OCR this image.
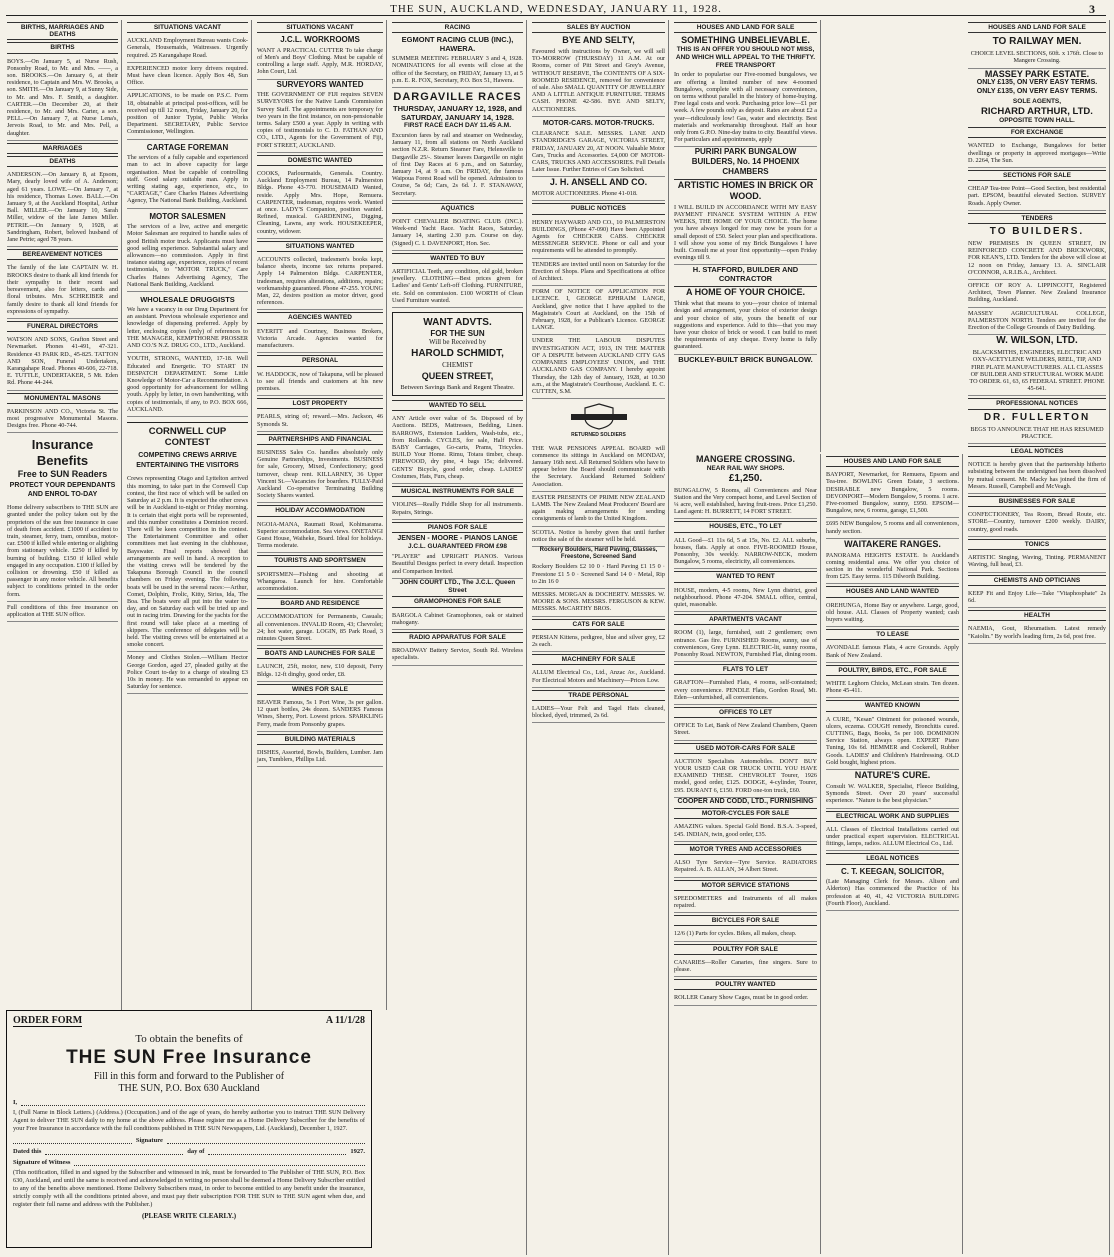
THE SUN, AUCKLAND, WEDNESDAY, JANUARY 11, 1928.	3
BIRTHS, MARRIAGES AND DEATHS
BIRTHS
BOYS.—On January 5, at Nurse Rush, Ponsonby Road, to Mr. and Mrs. ——, a son. BROOKS.—On January 6, at their residence, to Captain and Mrs. W. Brooks, a son. SMITH.—On January 9, at Sunny Side, to Mr. and Mrs. F. Smith, a daughter. CARTER.—On December 20, at their residence, to Mr. and Mrs. Carter, a son. PELL.—On January 7, at Nurse Lena's, Jervois Road, to Mr. and Mrs. Pell, a daughter.
MARRIAGES
DEATHS
ANDERSON.—On January 8, at Epsom, Mary, dearly loved wife of A. Anderson; aged 61 years. LOWE.—On January 7, at his residence, Thomas Lowe. BALL.—On January 9, at the Auckland Hospital, Arthur Ball. MILLER.—On January 10, Sarah Miller, widow of the late James Miller. PETRIE.—On January 9, 1928, at Sandringham, Robert, beloved husband of Jane Petrie; aged 78 years.
BEREAVEMENT NOTICES
The family of the late CAPTAIN W. H. BROOKS desire to thank all kind friends for their sympathy in their recent sad bereavement, also for letters, cards and floral tributes. Mrs. SCHREIBER and family desire to thank all kind friends for expressions of sympathy.
FUNERAL DIRECTORS
WATSON AND SONS, Grafton Street and Newmarket. Phones 41-491, 47-321. Residence 43 PARK RD., 45-825. TATTON AND SON, Funeral Undertakers, Karangahape Road. Phones 40-606, 22-718. E. TUTTLE, UNDERTAKER, 5 Mt. Eden Rd. Phone 44-244.
MONUMENTAL MASONS
PARKINSON AND CO., Victoria St. The most progressive Monumental Masons. Designs free. Phone 40-744.
Insurance Benefits
Free to SUN Readers
PROTECT YOUR DEPENDANTS AND ENROL TO-DAY
Home delivery subscribers to THE SUN are granted under the policy taken out by the proprietors of the sun free insurance in case of death from accident. £1000 if accident to train, steamer, ferry, tram, omnibus, motor-car. £500 if killed while entering or alighting from stationary vehicle. £250 if killed by burning of building. £150 if killed while engaged in any occupation. £100 if killed by collision or drowning. £50 if killed as passenger in any motor vehicle. All benefits subject to conditions printed in the order form.
Full conditions of this free insurance on application at THE SUN office.
SITUATIONS VACANT
AUCKLAND Employment Bureau wants Cook-Generals, Housemaids, Waitresses. Urgently required. 25 Karangahape Road.
EXPERIENCED motor lorry drivers required. Must have clean licence. Apply Box 48, Sun Office.
APPLICATIONS, to be made on P.S.C. Form 18, obtainable at principal post-offices, will be received up till 12 noon, Friday, January 20, for position of Junior Typist, Public Works Department. SECRETARY, Public Service Commissioner, Wellington.
CARTAGE FOREMAN
The services of a fully capable and experienced man to act in above capacity for large organisation. Must be capable of controlling staff. Good salary suitable man. Apply in writing stating age, experience, etc., to "CARTAGE," Care Charles Haines Advertising Agency, The National Bank Building, Auckland.
MOTOR SALESMEN
The services of a live, active and energetic Motor Salesman are required to handle sales of good British motor truck. Applicants must have good selling experience. Substantial salary and allowances—no commission. Apply in first instance stating age, experience, copies of recent testimonials, to "MOTOR TRUCK," Care Charles Haines Advertising Agency, The National Bank Building, Auckland.
WHOLESALE DRUGGISTS
We have a vacancy in our Drug Department for an assistant. Previous wholesale experience and knowledge of dispensing preferred. Apply by letter, enclosing copies (only) of references to THE MANAGER, KEMPTHORNE PROSSER AND CO.'S N.Z. DRUG CO., LTD., Auckland.
YOUTH, STRONG, WANTED, 17-18. Well Educated and Energetic. TO START IN DESPATCH DEPARTMENT. Some Little Knowledge of Motor-Car a Recommendation. A good opportunity for advancement for willing youth. Apply by letter, in own handwriting, with copies of testimonials, if any, to P.O. BOX 666, AUCKLAND.
CORNWELL CUP CONTEST
COMPETING CREWS ARRIVE
ENTERTAINING THE VISITORS
Crews representing Otago and Lyttelton arrived this morning, to take part in the Cornwell Cup contest, the first race of which will be sailed on Saturday at 2 p.m. It is expected the other crews will be in Auckland to-night or Friday morning. It is certain that eight ports will be represented, and this number constitutes a Dominion record. There will be keen competition in the contest. The Entertainment Committee and other committees met last evening in the clubhouse, Bayswater. Final reports showed that arrangements are well in hand. A reception to the visiting crews will be tendered by the Takapuna Borough Council in the council chambers on Friday evening. The following boats will be used in the several races:—Arthur, Comet, Dolphin, Frolic, Kitty, Sirius, Ida, The Boa. The boats were all put into the water to-day, and on Saturday each will be tried up and out in racing trim. Drawing for the yachts for the first round will take place at a meeting of skippers. The conference of delegates will be held. The visiting crews will be entertained at a smoke concert.
Money and Clothes Stolen.—William Hector George Gordon, aged 27, pleaded guilty at the Police Court to-day to a charge of stealing £3 10s in money. He was remanded to appear on Saturday for sentence.
SITUATIONS VACANT
J.C.L. WORKROOMS
WANT A PRACTICAL CUTTER To take charge of Men's and Boys' Clothing. Must be capable of controlling a large staff. Apply, M.R. HORDAY, John Court, Ltd.
SURVEYORS WANTED
THE GOVERNMENT OF FIJI requires SEVEN SURVEYORS for the Native Lands Commission Survey Staff. The appointments are temporary for two years in the first instance, on non-pensionable terms. Salary £500 a year. Apply in writing with copies of testimonials to C. D. FATHAN AND CO., LTD., Agents for the Government of Fiji, FORT STREET, AUCKLAND.
DOMESTIC WANTED
COOKS, Parlourmaids, Generals. Country. Auckland Employment Bureau, 14 Palmerston Bldgs. Phone 43-770. HOUSEMAID Wanted, reside. Apply Mrs. Hope, Remuera. CARPENTER, tradesman, requires work. Wanted at once. LADY'S Companion, position wanted. Refined, musical. GARDENING, Digging, Cleaning, Lawns, any work. HOUSEKEEPER, country, widower.
SITUATIONS WANTED
ACCOUNTS collected, tradesmen's books kept, balance sheets, income tax returns prepared. Apply 14 Palmerston Bldgs. CARPENTER, tradesman, requires alterations, additions, repairs; workmanship guaranteed. Phone 47-255. YOUNG Man, 22, desires position as motor driver, good references.
AGENCIES WANTED
EVERITT and Courtney, Business Brokers, Victoria Arcade. Agencies wanted for manufacturers.
PERSONAL
W. HADDOCK, now of Takapuna, will be pleased to see all friends and customers at his new premises.
LOST PROPERTY
PEARLS, string of; reward.—Mrs. Jackson, 46 Symonds St.
PARTNERSHIPS AND FINANCIAL
BUSINESS Sales Co. handles absolutely only Genuine Partnerships, Investments. BUSINESS for sale, Grocery, Mixed, Confectionery; good turnover, cheap rent. KILLARNEY, 36 Upper Vincent St.—Vacancies for boarders. FULLY-Paid Auckland Co-operative Terminating Building Society Shares wanted.
HOLIDAY ACCOMMODATION
NGOIA-MANA, Raumati Road, Kohimarama. Superior accommodation. Sea views. ONETANGI Guest House, Waiheke, Board. Ideal for holidays. Terms moderate.
TOURISTS AND SPORTSMEN
SPORTSMEN—Fishing and shooting at Whangaroa. Launch for hire. Comfortable accommodation.
BOARD AND RESIDENCE
ACCOMMODATION for Permanents, Casuals; all conveniences. INVALID Room, 43; Chevrolet; 24; hot water, garage. LOGIN, 85 Park Road, 3 minutes Queen Street.
BOATS AND LAUNCHES FOR SALE
LAUNCH, 25ft, motor, new, £10 deposit, Ferry Bldgs. 12-ft dinghy, good order, £8.
WINES FOR SALE
BEAVER Famous, 5s 1 Port Wine, 3s per gallon. 12 quart bottles, 24s dozen. SANDERS Famous Wines, Sherry, Port. Lowest prices. SPARKLING Ferry, made from Ponsonby grapes.
BUILDING MATERIALS
DISHES, Assorted, Bowls, Builders, Lumber. Jam jars, Tumblers, Phillips Ltd.
RACING
EGMONT RACING CLUB (INC.), HAWERA.
SUMMER MEETING FEBRUARY 3 and 4, 1928. NOMINATIONS for all events will close at the office of the Secretary, on FRIDAY, January 13, at 5 p.m. E. R. FOX, Secretary, P.O. Box 51, Hawera.
DARGAVILLE RACES
THURSDAY, JANUARY 12, 1928, and SATURDAY, JANUARY 14, 1928.
FIRST RACE EACH DAY 11.45 A.M.
Excursion fares by rail and steamer on Wednesday, January 11, from all stations on North Auckland section N.Z.R. Return Steamer Fare, Helensville to Dargaville 25/-. Steamer leaves Dargaville on night of first Day Races at 6 p.m., and on Saturday, January 14, at 9 a.m. On FRIDAY, the famous Waipoua Forest Road will be opened. Admission to Course, 5s 6d; Cars, 2s 6d. J. F. STANAWAY, Secretary.
AQUATICS
POINT CHEVALIER BOATING CLUB (INC.). Week-end Yacht Race. Yacht Races, Saturday, January 14, starting 2.30 p.m. Course on day. (Signed) C. I. DAVENPORT, Hon. Sec.
WANTED TO BUY
ARTIFICIAL Teeth, any condition, old gold, broken jewellery. CLOTHING—Best prices given for Ladies' and Gents' Left-off Clothing. FURNITURE, etc. Sold on commission. £100 WORTH of Clean Used Furniture wanted.
WANT ADVTS.
FOR THE SUN
Will be Received by
HAROLD SCHMIDT,
CHEMIST
QUEEN STREET,
Between Savings Bank and Regent Theatre.
WANTED TO SELL
ANY Article over value of 5s. Disposed of by Auctions. BEDS, Mattresses, Bedding, Linen. BARROWS, Extension Ladders, Wash-tubs, etc., from Rollands. CYCLES, for sale, Half Price. BABY Carriages, Go-carts, Prams, Tricycles. BUILD Your Home. Rimu, Totara timber, cheap. FIREWOOD, dry pine, 4 bags 15s; delivered. GENTS' Bicycle, good order, cheap. LADIES' Costumes, Hats, Furs, cheap.
MUSICAL INSTRUMENTS FOR SALE
VIOLINS—Really Fiddle Shop for all instruments. Repairs, Strings.
PIANOS FOR SALE
JENSEN - MOORE - PIANOS LANGE
J.C.L. GUARANTEED FROM £98
"PLAYER" and UPRIGHT PIANOS. Various Beautiful Designs perfect in every detail. Inspection and Comparison Invited.
JOHN COURT LTD., The J.C.L. Queen Street
GRAMOPHONES FOR SALE
BARGOLA Cabinet Gramophones, oak or stained mahogany.
RADIO APPARATUS FOR SALE
BROADWAY Battery Service, South Rd. Wireless specialists.
SALES BY AUCTION
BYE AND SELTY,
Favoured with instructions by Owner, we will sell TO-MORROW (THURSDAY) 11 A.M. At our Rooms, corner of Pitt Street and Grey's Avenue, WITHOUT RESERVE, The CONTENTS OF A SIX-ROOMED RESIDENCE, removed for convenience of sale. Also SMALL QUANTITY OF JEWELLERY AND A LITTLE ANTIQUE FURNITURE. TERMS CASH. PHONE 42-586. BYE AND SELTY, AUCTIONEERS.
MOTOR-CARS. MOTOR-TRUCKS.
CLEARANCE SALE. MESSRS. LANE AND STANDRIDGE'S GARAGE, VICTORIA STREET, FRIDAY, JANUARY 20, AT NOON. Valuable Motor Cars, Trucks and Accessories. £4,000 OF MOTOR-CARS, TRUCKS AND ACCESSORIES. Full Details Later Issue. Further Entries of Cars Solicited.
J. H. ANSELL AND CO.
MOTOR AUCTIONEERS. Phone 41-018.
PUBLIC NOTICES
HENRY HAYWARD AND CO., 10 PALMERSTON BUILDINGS, (Phone 47-090) Have been Appointed Agents for CHECKER CABS. CHECKER MESSENGER SERVICE. Phone or call and your requirements will be attended to promptly.
TENDERS are invited until noon on Saturday for the Erection of Shops. Plans and Specifications at office of Architect.
FORM OF NOTICE OF APPLICATION FOR LICENCE. I, GEORGE EPHRAIM LANGE, Auckland, give notice that I have applied to the Magistrate's Court at Auckland, on the 15th of February, 1928, for a Publican's Licence. GEORGE LANGE.
UNDER THE LABOUR DISPUTES INVESTIGATION ACT, 1913, IN THE MATTER OF A DISPUTE between AUCKLAND CITY GAS COMPANIES EMPLOYEES' UNION, and THE AUCKLAND GAS COMPANY. I hereby appoint Thursday, the 12th day of January, 1928, at 10.30 a.m., at the Magistrate's Courthouse, Auckland. E. C. CUTTEN, S.M.
RETURNED SOLDIERS
THE WAR PENSIONS APPEAL BOARD will commence its sittings in Auckland on MONDAY, January 16th next. All Returned Soldiers who have to appear before the Board should communicate with the Secretary. Auckland Returned Soldiers' Association.
EASTER PRESENTS OF PRIME NEW ZEALAND LAMB. The New Zealand Meat Producers' Board are again making arrangements for sending consignments of lamb to the United Kingdom.
SCOTIA. Notice is hereby given that until further notice the sale of the steamer will be held.
Rockery Boulders, Hard Paving, Glasses, Freestone, Screened Sand
Rockery Boulders £2 10 0 · Hard Paving £1 15 0 · Freestone £1 5 0 · Screened Sand 14 0 · Metal, Rip to 2in 16 0
MESSRS. MORGAN & DOCHERTY. MESSRS. W. MOORE & SONS. MESSRS. FERGUSON & KEW. MESSRS. McCARTHY BROS.
CATS FOR SALE
PERSIAN Kittens, pedigree, blue and silver grey, £2 2s each.
MACHINERY FOR SALE
ALLUM Electrical Co., Ltd., Anzac Av., Auckland. For Electrical Motors and Machinery—Prices Low.
TRADE PERSONAL
LADIES—Your Felt and Tagel Hats cleaned, blocked, dyed, trimmed, 2s 6d.
HOUSES AND LAND FOR SALE
SOMETHING UNBELIEVABLE.
THIS IS AN OFFER YOU SHOULD NOT MISS, AND WHICH WILL APPEAL TO THE THRIFTY. FREE TRANSPORT
In order to popularise our Five-roomed bungalows, we are offering a limited number of new 4-roomed Bungalows, complete with all necessary conveniences, on terms without parallel in the history of home-buying. Free legal costs and work. Purchasing price low—£1 per week. A few pounds only as deposit. Rates are about £2 a year—ridiculously low! Gas, water and electricity. Best materials and workmanship throughout. Half an hour only from G.P.O. Nine-day trains to city. Beautiful views. For particulars and appointments, apply
PURIRI PARK BUNGALOW BUILDERS, No. 14 PHOENIX CHAMBERS
ARTISTIC HOMES IN BRICK OR WOOD.
I WILL BUILD IN ACCORDANCE WITH MY EASY PAYMENT FINANCE SYSTEM WITHIN A FEW WEEKS, THE HOME OF YOUR CHOICE. The home you have always longed for may now be yours for a small deposit of £50. Select your plan and specifications. I will show you some of my Brick Bungalows I have built. Consult me at your first opportunity—open Friday evenings till 9.
H. STAFFORD, BUILDER AND CONTRACTOR
A HOME OF YOUR CHOICE.
Think what that means to you—your choice of internal design and arrangement, your choice of exterior design and your choice of site, yours the benefit of our suggestions and experience. Add to this—that you may have your choice of brick or wood. I can build to meet the requirements of any cheque. Every home is fully guaranteed.
BUCKLEY-BUILT BRICK BUNGALOW.
MANGERE CROSSING.
NEAR RAIL WAY SHOPS.
£1,250.
BUNGALOW, 5 Rooms, all Conveniences and Near Station and the Very compact home, and Level Section of ¼ acre, well established, having fruit-trees. Price £1,250. Land agent: H. BURRETT, 14 FORT STREET.
HOUSES, ETC., TO LET
ALL Good—£1 11s 6d, 5 at 15s, No. £2. ALL suburbs, houses, flats. Apply at once. FIVE-ROOMED House, Ponsonby, 30s weekly. NARROW-NECK, modern Bungalow, 5 rooms, electricity, all conveniences.
WANTED TO RENT
HOUSE, modern, 4-5 rooms, New Lynn district, good neighbourhood. Phone 47-204. SMALL office, central, quiet, reasonable.
APARTMENTS VACANT
ROOM (1), large, furnished, suit 2 gentlemen; own entrance. Gas fire. FURNISHED Rooms, sunny, use of conveniences, Grey Lynn. ELECTRIC-lit, sunny rooms, Ponsonby Road. NEWTON, Furnished Flat, dining room.
FLATS TO LET
GRAFTON—Furnished Flats, 4 rooms, self-contained; every convenience. PENDLE Flats, Gordon Road, Mt. Eden—unfurnished, all conveniences.
OFFICES TO LET
OFFICE To Let, Bank of New Zealand Chambers, Queen Street.
USED MOTOR-CARS FOR SALE
AUCTION Specialists Automobiles. DON'T BUY YOUR USED CAR OR TRUCK UNTIL YOU HAVE EXAMINED THESE. CHEVROLET Tourer, 1926 model, good order, £125. DODGE, 4-cylinder, Tourer, £95. DURANT 6, £150. FORD one-ton truck, £60.
COOPER AND CODD, LTD., FURNISHING
MOTOR-CYCLES FOR SALE
AMAZING values. Special Gold Bond. B.S.A. 3-speed, £45. INDIAN, twin, good order, £35.
MOTOR TYRES AND ACCESSORIES
ALSO Tyre Service—Tyre Service. RADIATORS Repaired. A. B. ALLAN, 34 Albert Street.
MOTOR SERVICE STATIONS
SPEEDOMETERS and Instruments of all makes repaired.
BICYCLES FOR SALE
12/6 (1) Parts for cycles. Bikes, all makes, cheap.
POULTRY FOR SALE
CANARIES—Roller Canaries, fine singers. Sure to please.
POULTRY WANTED
ROLLER Canary Show Cages, must be in good order.
HOUSES AND LAND FOR SALE
BAYPORT, Newmarket, for Remuera, Epsom and Tea-tree. BOWLING Green Estate, 3 sections. DESIRABLE new Bungalow, 5 rooms. DEVONPORT—Modern Bungalow, 5 rooms. 1 acre. Five-roomed Bungalow, sunny, £950. EPSOM—Bungalow, new, 6 rooms, garage, £1,500.
£695 NEW Bungalow, 5 rooms and all conveniences, handy section.
WAITAKERE RANGES.
PANORAMA HEIGHTS ESTATE. Is Auckland's coming residential area. We offer you choice of section in the wonderful National Park. Sections from £25. Easy terms. 115 Dilworth Building.
HOUSES AND LAND WANTED
OREHUNGA, Home Bay or anywhere. Large, good, old house. ALL Classes of Property wanted; cash buyers waiting.
TO LEASE
AVONDALE famous Flats, 4 acre Grounds. Apply Bank of New Zealand.
POULTRY, BIRDS, ETC., FOR SALE
WHITE Leghorn Chicks, McLean strain. Ten dozen. Phone 45-411.
WANTED KNOWN
A CURE, "Kesan" Ointment for poisoned wounds, ulcers, eczema. COUGH remedy, Bronchitis cured. CUTTING, Bags, Books, 5s per 100. DOMINION Service Station, always open. EXPERT Piano Tuning, 10s 6d. HEMMER and Cockerell, Rubber Goods. LADIES' and Children's Hairdressing. OLD Gold bought, highest prices.
NATURE'S CURE.
Consult W. WALKER, Specialist, Fleece Building, Symonds Street. Over 20 years' successful experience. "Nature is the best physician."
ELECTRICAL WORK AND SUPPLIES
ALL Classes of Electrical Installations carried out under practical expert supervision. ELECTRICAL fittings, lamps, radios. ALLUM Electrical Co., Ltd.
LEGAL NOTICES
C. T. KEEGAN, SOLICITOR,
(Late Managing Clerk for Messrs. Alison and Alderton) Has commenced the Practice of his profession at 40, 41, 42 VICTORIA BUILDING (Fourth Floor), Auckland.
HOUSES AND LAND FOR SALE
TO RAILWAY MEN.
CHOICE LEVEL SECTIONS, 60ft. x 176ft. Close to Mangere Crossing.
MASSEY PARK ESTATE.
ONLY £135, ON VERY EASY TERMS.
ONLY £135, ON VERY EASY TERMS.
SOLE AGENTS,
RICHARD ARTHUR, LTD.
OPPOSITE TOWN HALL.
FOR EXCHANGE
WANTED to Exchange, Bungalows for better dwellings or property in approved mortgages—Write D. 2264, The Sun.
SECTIONS FOR SALE
CHEAP Tea-tree Point—Good Section, best residential part. EPSOM, beautiful elevated Section. SURVEY Roads. Apply Owner.
TENDERS
TO BUILDERS.
NEW PREMISES IN QUEEN STREET, IN REINFORCED CONCRETE AND BRICKWORK, FOR KEAN'S, LTD. Tenders for the above will close at 12 noon on Friday, January 13. A. SINCLAIR O'CONNOR, A.R.I.B.A., Architect.
OFFICE OF ROY A. LIPPINCOTT, Registered Architect, Town Planner. New Zealand Insurance Building, Auckland.
MASSEY AGRICULTURAL COLLEGE, PALMERSTON NORTH. Tenders are invited for the Erection of the College Grounds of Dairy Building.
W. WILSON, LTD.
BLACKSMITHS, ENGINEERS, ELECTRIC AND OXY-ACETYLENE WELDERS, REEL, TIP, AND FIRE PLATE MANUFACTURERS. ALL CLASSES OF BUILDER AND STRUCTURAL WORK MADE TO ORDER. 61, 63, 65 FEDERAL STREET. PHONE 45-641.
PROFESSIONAL NOTICES
DR. FULLERTON
BEGS TO ANNOUNCE THAT HE HAS RESUMED PRACTICE.
LEGAL NOTICES
NOTICE is hereby given that the partnership hitherto subsisting between the undersigned has been dissolved by mutual consent. Mr. Macky has joined the firm of Messrs. Russell, Campbell and McVeagh.
BUSINESSES FOR SALE
CONFECTIONERY, Tea Room, Bread Route, etc. STORE—Country, turnover £200 weekly. DAIRY, country, good roads.
TONICS
ARTISTIC Singing, Waving, Tinting. PERMANENT Waving, full head, £3.
CHEMISTS AND OPTICIANS
KEEP Fit and Enjoy Life—Take "Vitaphosphate" 2s 6d.
HEALTH
NAEMIA, Gout, Rheumatism. Latest remedy "Kaiolin." By world's leading firm, 2s 6d, post free.
ORDER FORM	A 11/1/28
To obtain the benefits of
THE SUN Free Insurance
Fill in this form and forward to the Publisher of
THE SUN, P.O. Box 630 Auckland
I,
I, (Full Name in Block Letters.) (Address.) (Occupation.) and of the age of years, do hereby authorise you to instruct THE SUN Delivery Agent to deliver THE SUN daily to my home at the above address. Please register me as a Home Delivery Subscriber for the benefits of your Free Insurance in accordance with the full conditions published in THE SUN Newspapers, Ltd. (Auckland), December 1, 1927.
Signature
Dated this	day of	1927.
Signature of Witness
(This notification, filled in and signed by the Subscriber and witnessed in ink, must be forwarded to The Publisher of THE SUN, P.O. Box 630, Auckland, and until the same is received and acknowledged in writing no person shall be deemed a Home Delivery Subscriber entitled to any of the benefits above mentioned. Home Delivery Subscribers must, in order to become entitled to any benefit under the insurance, strictly comply with all the conditions printed above, and must pay their subscription FOR THE SUN to THE SUN agent when due, and register their full name and address with the Publisher.)
(PLEASE WRITE CLEARLY.)
